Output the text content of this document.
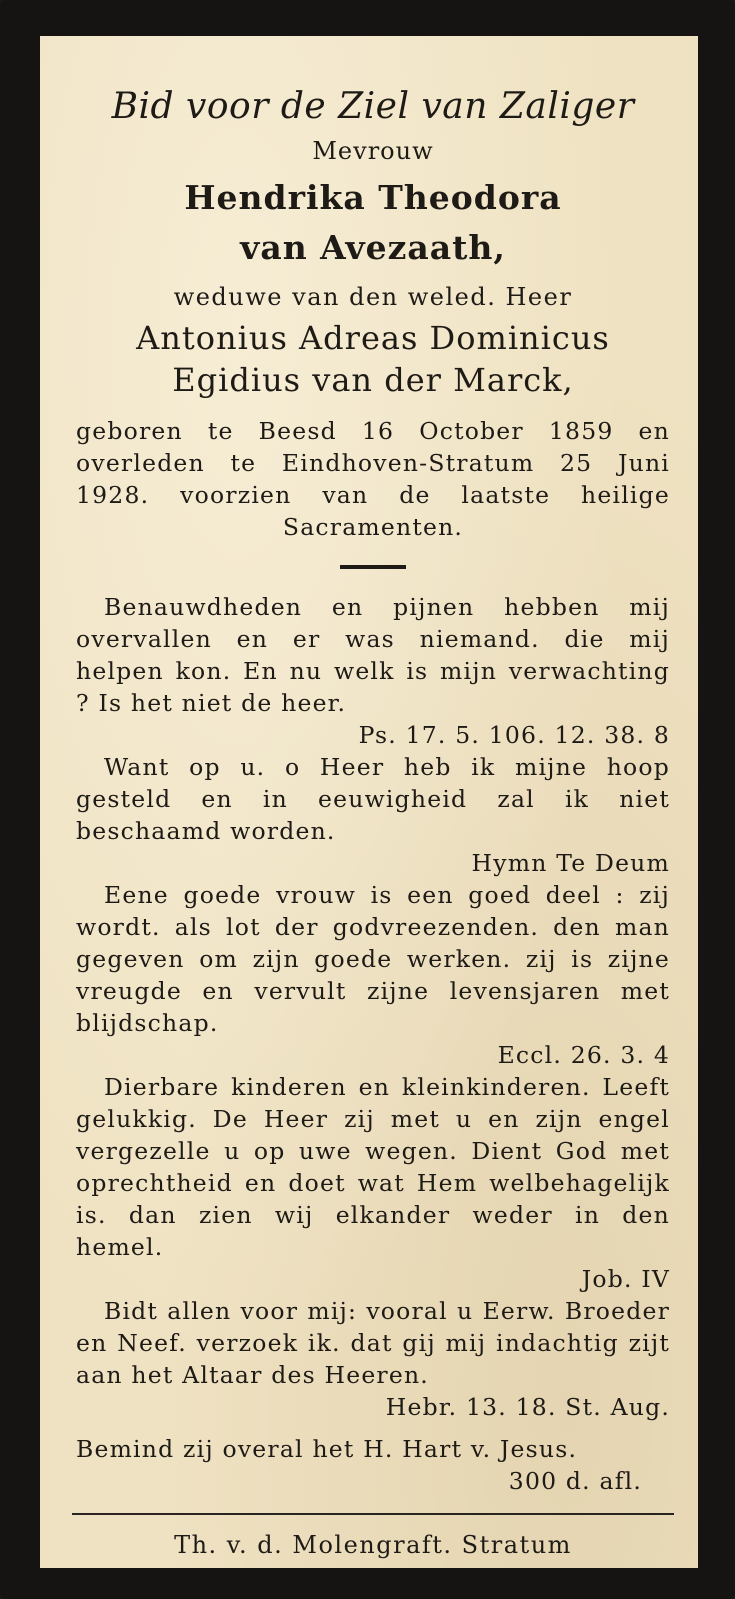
Bid voor de Ziel van Zaliger
Mevrouw
Hendrika Theodora
van Avezaath,
weduwe van den weled. Heer
Antonius Adreas Dominicus
Egidius van der Marck,
geboren te Beesd 16 October 1859 en overleden te Eindhoven-Stratum 25 Juni 1928. voorzien van de laatste heilige Sacramenten.
Benauwdheden en pijnen hebben mij overvallen en er was niemand. die mij helpen kon. En nu welk is mijn verwachting ? Is het niet de heer.
Ps. 17. 5. 106. 12. 38. 8
Want op u. o Heer heb ik mijne hoop gesteld en in eeuwigheid zal ik niet beschaamd worden.
Hymn Te Deum
Eene goede vrouw is een goed deel : zij wordt. als lot der godvreezenden. den man gegeven om zijn goede werken. zij is zijne vreugde en vervult zijne levensjaren met blijdschap.
Eccl. 26. 3. 4
Dierbare kinderen en kleinkinderen. Leeft gelukkig. De Heer zij met u en zijn engel vergezelle u op uwe wegen. Dient God met oprechtheid en doet wat Hem welbehagelijk is. dan zien wij elkander weder in den hemel.
Job. IV
Bidt allen voor mij: vooral u Eerw. Broeder en Neef. verzoek ik. dat gij mij indachtig zijt aan het Altaar des Heeren.
Hebr. 13. 18. St. Aug.
Bemind zij overal het H. Hart v. Jesus.
300 d. afl.
Th. v. d. Molengraft. Stratum
